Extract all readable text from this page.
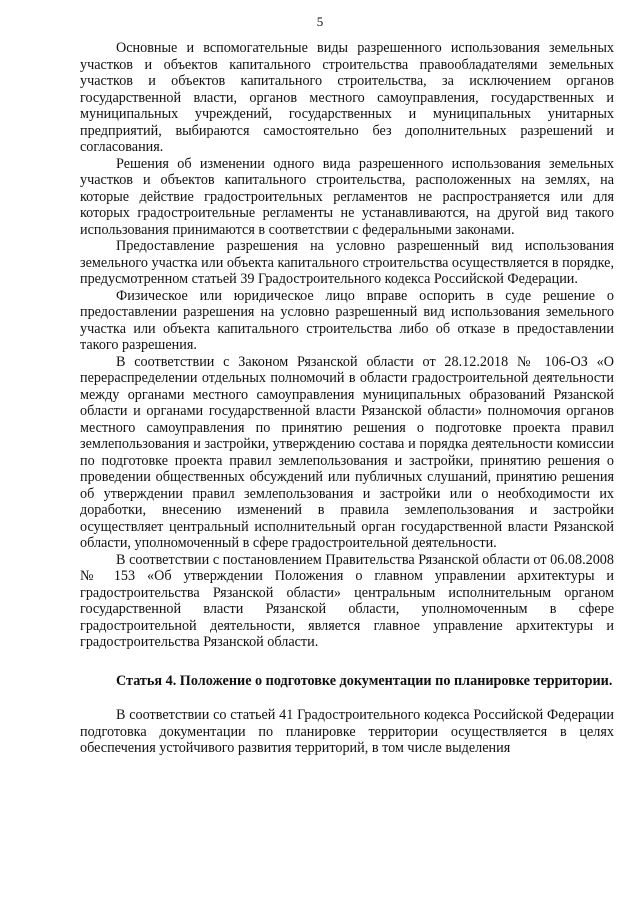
5

Основные и вспомогательные виды разрешенного использования земельных участков и объектов капитального строительства правообладателями земельных участков и объектов капитального строительства, за исключением органов государственной власти, органов местного самоуправления, государственных и муниципальных учреждений, государственных и муниципальных унитарных предприятий, выбираются самостоятельно без дополнительных разрешений и согласования.

Решения об изменении одного вида разрешенного использования земельных участков и объектов капитального строительства, расположенных на землях, на которые действие градостроительных регламентов не распространяется или для которых градостроительные регламенты не устанавливаются, на другой вид такого использования принимаются в соответствии с федеральными законами.

Предоставление разрешения на условно разрешенный вид использования земельного участка или объекта капитального строительства осуществляется в порядке, предусмотренном статьей 39 Градостроительного кодекса Российской Федерации.

Физическое или юридическое лицо вправе оспорить в суде решение о предоставлении разрешения на условно разрешенный вид использования земельного участка или объекта капитального строительства либо об отказе в предоставлении такого разрешения.

В соответствии с Законом Рязанской области от 28.12.2018 № 106-ОЗ «О перераспределении отдельных полномочий в области градостроительной деятельности между органами местного самоуправления муниципальных образований Рязанской области и органами государственной власти Рязанской области» полномочия органов местного самоуправления по принятию решения о подготовке проекта правил землепользования и застройки, утверждению состава и порядка деятельности комиссии по подготовке проекта правил землепользования и застройки, принятию решения о проведении общественных обсуждений или публичных слушаний, принятию решения об утверждении правил землепользования и застройки или о необходимости их доработки, внесению изменений в правила землепользования и застройки осуществляет центральный исполнительный орган государственной власти Рязанской области, уполномоченный в сфере градостроительной деятельности.

В соответствии с постановлением Правительства Рязанской области от 06.08.2008 № 153 «Об утверждении Положения о главном управлении архитектуры и градостроительства Рязанской области» центральным исполнительным органом государственной власти Рязанской области, уполномоченным в сфере градостроительной деятельности, является главное управление архитектуры и градостроительства Рязанской области.

Статья 4. Положение о подготовке документации по планировке территории.

В соответствии со статьей 41 Градостроительного кодекса Российской Федерации подготовка документации по планировке территории осуществляется в целях обеспечения устойчивого развития территорий, в том числе выделения
